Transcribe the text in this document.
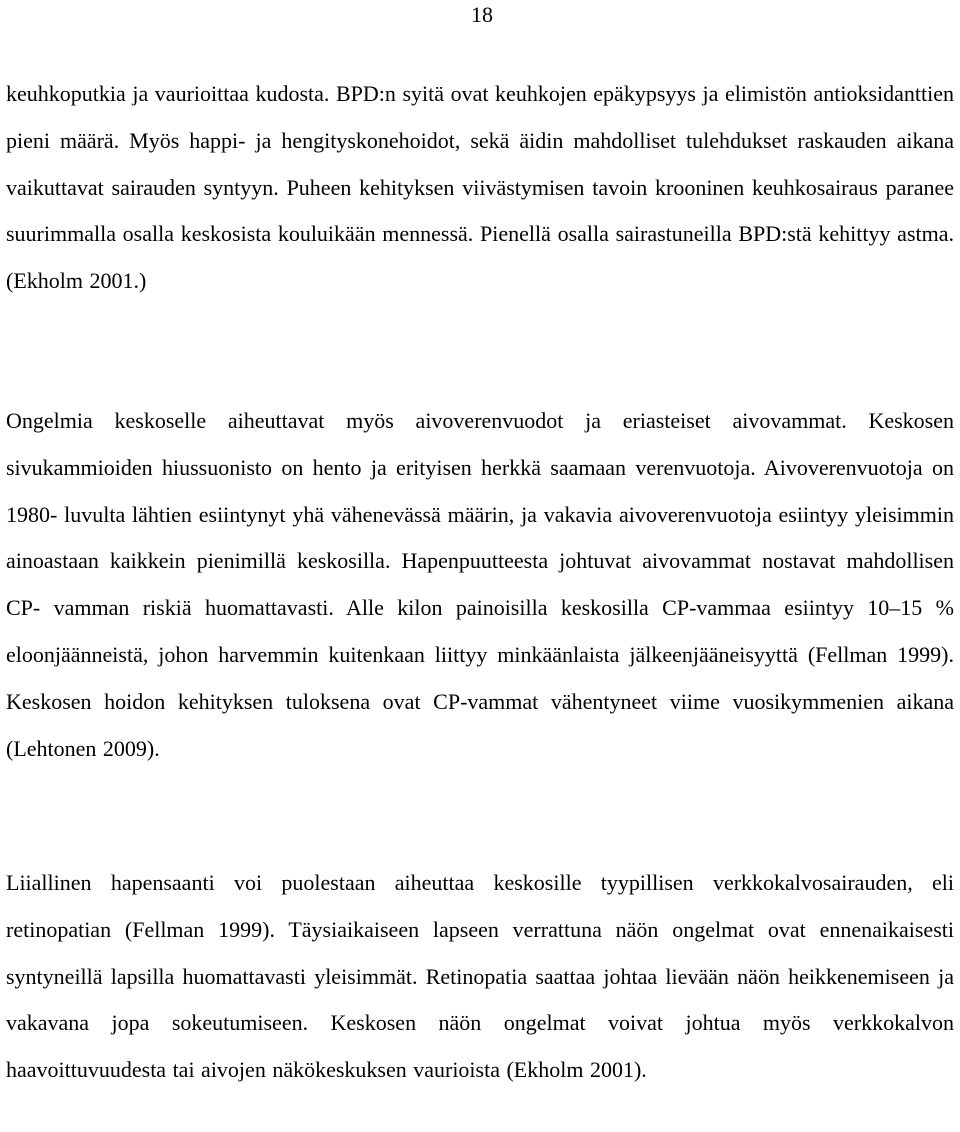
18

keuhkoputkia ja vaurioittaa kudosta. BPD:n syitä ovat keuhkojen epäkypsyys ja elimistön antioksidanttien pieni määrä. Myös happi- ja hengityskonehoidot, sekä äidin mahdolliset tulehdukset raskauden aikana vaikuttavat sairauden syntyyn. Puheen kehityksen viivästymisen tavoin krooninen keuhkosairaus paranee suurimmalla osalla keskosista kouluikään mennessä. Pienellä osalla sairastuneilla BPD:stä kehittyy astma. (Ekholm 2001.)

Ongelmia keskoselle aiheuttavat myös aivoverenvuodot ja eriasteiset aivovammat. Keskosen sivukammioiden hiussuonisto on hento ja erityisen herkkä saamaan verenvuotoja. Aivoverenvuotoja on 1980- luvulta lähtien esiintynyt yhä vähenevässä määrin, ja vakavia aivoverenvuotoja esiintyy yleisimmin ainoastaan kaikkein pienimillä keskosilla. Hapenpuutteesta johtuvat aivovammat nostavat mahdollisen CP- vamman riskiä huomattavasti. Alle kilon painoisilla keskosilla CP-vammaa esiintyy 10–15 % eloonjäänneistä, johon harvemmin kuitenkaan liittyy minkäänlaista jälkeenjääneisyyttä (Fellman 1999). Keskosen hoidon kehityksen tuloksena ovat CP-vammat vähentyneet viime vuosikymmenien aikana (Lehtonen 2009).

Liiallinen hapensaanti voi puolestaan aiheuttaa keskosille tyypillisen verkkokalvosairauden, eli retinopatian (Fellman 1999). Täysiaikaiseen lapseen verrattuna näön ongelmat ovat ennenaikaisesti syntyneillä lapsilla huomattavasti yleisimmät. Retinopatia saattaa johtaa lievään näön heikkenemiseen ja vakavana jopa sokeutumiseen. Keskosen näön ongelmat voivat johtua myös verkkokalvon haavoittuvuudesta tai aivojen näkökeskuksen vaurioista (Ekholm 2001).
